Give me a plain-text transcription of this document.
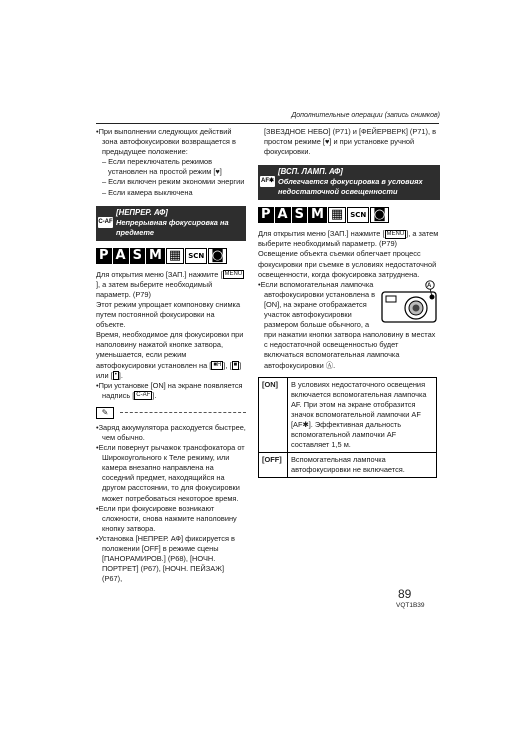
Дополнительные операции (запись снимков)

•При выполнении следующих действий зона автофокусировки возвращается в предыдущее положение:

– Если переключатель режимов установлен на простой режим [♥]

– Если включен режим экономии энергии

– Если камера выключена

C-AF
[НЕПРЕР. АФ]
Непрерывная фокусировка на предмете
P A S M ▦	SCN ◙

Для открытия меню [ЗАП.] нажмите [ MENU], а затем выберите необходимый параметр. (P79)

Этот режим упрощает компоновку снимка путем постоянной фокусировки на объекте.

Время, необходимое для фокусировки при наполовину нажатой кнопке затвора, уменьшается, если режим автофокусировки установлен на [ ■H ], [ ■ ] или [ • ].

•При установке [ON] на экране появляется надпись [ C-AF ].

✎

•Заряд аккумулятора расходуется быстрее, чем обычно.

•Если повернут рычажок трансфокатора от Широкоугольного к Теле режиму, или камера внезапно направлена на соседний предмет, находящийся на другом расстоянии, то для фокусировки может потребоваться некоторое время.

•Если при фокусировке возникают сложности, снова нажмите наполовину кнопку затвора.

•Установка [НЕПРЕР. АФ] фиксируется в положении [OFF] в режиме сцены [ПАНОРАМИРОВ.] (P68), [НОЧН. ПОРТРЕТ] (P67), [НОЧН. ПЕЙЗАЖ] (P67),

[ЗВЕЗДНОЕ НЕБО] (P71) и [ФЕЙЕРВЕРК] (P71), в простом режиме [♥] и при установке ручной фокусировки.

AF✱
[ВСП. ЛАМП. АФ]
Облегчается фокусировка в условиях недостаточной освещенности
P A S M ▦	SCN ◙

Для открытия меню [ЗАП.] нажмите [ MENU ], а затем выберите необходимый параметр. (P79)

Освещение объекта съемки облегчает процесс фокусировки при съемке в условиях недостаточной освещенности, когда фокусировка затруднена.

A

•Если вспомогательная лампочка автофокусировки установлена в [ON], на экране отображается участок автофокусировки размером больше обычного, а при нажатии кнопки затвора наполовину в местах с недостаточной освещенностью будет включаться вспомогательная лампочка автофокусировки Ⓐ.

[ON]	В условиях недостаточного освещения включается вспомогательная лампочка AF. При этом на экране отобразится значок вспомогательной лампочки AF [AF✱]. Эффективная дальность вспомогательной лампочки AF составляет 1,5 м.
[OFF]	Вспомогательная лампочка автофокусировки не включается.
89
VQT1B39
